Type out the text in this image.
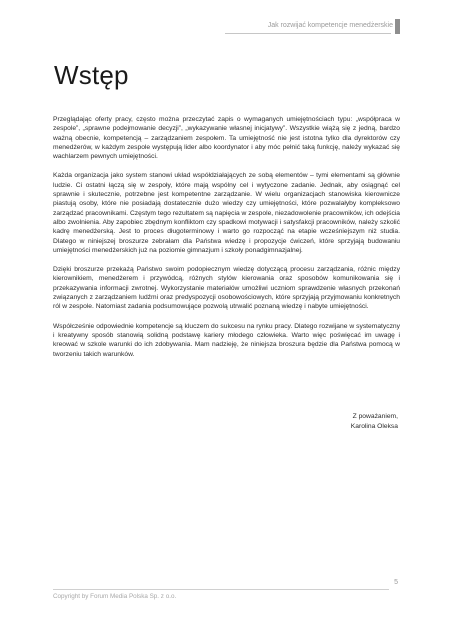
Jak rozwijać kompetencje menedżerskie
Wstęp

Przeglądając oferty pracy, często można przeczytać zapis o wymaganych umiejętnościach typu: „współpraca w zespole”, „sprawne podejmowanie decyzji”, „wykazywanie własnej inicjatywy”. Wszystkie wiążą się z jedną, bardzo ważną obecnie, kompetencją – zarządzaniem zespołem. Ta umiejętność nie jest istotna tylko dla dyrektorów czy menedżerów, w każdym zespole występują lider albo koordynator i aby móc pełnić taką funkcję, należy wykazać się wachlarzem pewnych umiejętności.

Każda organizacja jako system stanowi układ współdziałających ze sobą elementów – tymi elementami są głównie ludzie. Ci ostatni łączą się w zespoły, które mają wspólny cel i wytyczone zadanie. Jednak, aby osiągnąć cel sprawnie i skutecznie, potrzebne jest kompetentne zarządzanie. W wielu organizacjach stanowiska kierownicze piastują osoby, które nie posiadają dostatecznie dużo wiedzy czy umiejętności, które pozwalałyby kompleksowo zarządzać pracownikami. Częstym tego rezultatem są napięcia w zespole, niezadowolenie pracowników, ich odejścia albo zwolnienia. Aby zapobiec zbędnym konfliktom czy spadkowi motywacji i satysfakcji pracowników, należy szkolić kadrę menedżerską. Jest to proces długoterminowy i warto go rozpocząć na etapie wcześniejszym niż studia. Dlatego w niniejszej broszurze zebrałam dla Państwa wiedzę i propozycje ćwiczeń, które sprzyjają budowaniu umiejętności menedżerskich już na poziomie gimnazjum i szkoły ponadgimnazjalnej.

Dzięki broszurze przekażą Państwo swoim podopiecznym wiedzę dotyczącą procesu zarządzania, różnic między kierownikiem, menedżerem i przywódcą, różnych stylów kierowania oraz sposobów komunikowania się i przekazywania informacji zwrotnej. Wykorzystanie materiałów umożliwi uczniom sprawdzenie własnych przekonań związanych z zarządzaniem ludźmi oraz predyspozycji osobowościowych, które sprzyjają przyjmowaniu konkretnych ról w zespole. Natomiast zadania podsumowujące pozwolą utrwalić poznaną wiedzę i nabyte umiejętności.

Współcześnie odpowiednie kompetencje są kluczem do sukcesu na rynku pracy. Dlatego rozwijane w systematyczny i kreatywny sposób stanowią solidną podstawę kariery młodego człowieka. Warto więc poświęcać im uwagę i kreować w szkole warunki do ich zdobywania. Mam nadzieję, że niniejsza broszura będzie dla Państwa pomocą w tworzeniu takich warunków.

Z poważaniem,
Karolina Oleksa
5
Copyright by Forum Media Polska Sp. z o.o.
